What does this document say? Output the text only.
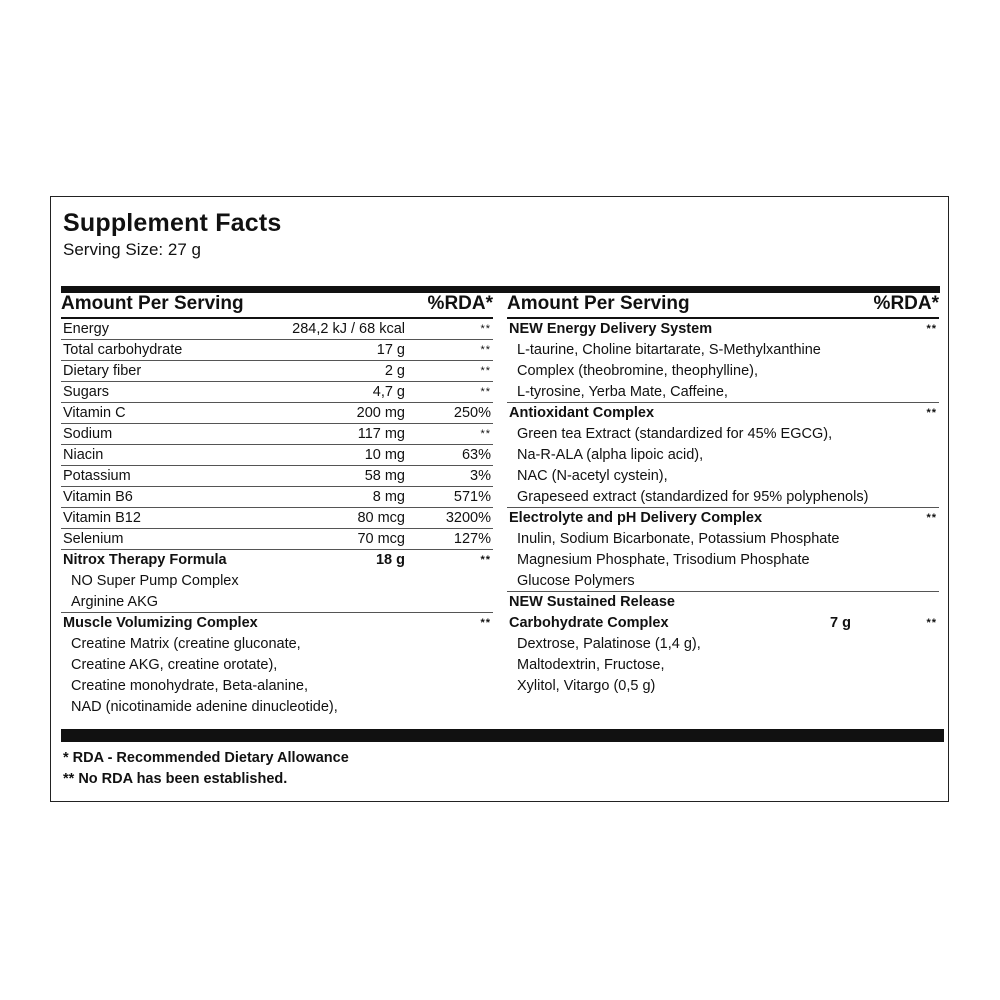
Supplement Facts
Serving Size: 27 g
Amount Per Serving	%RDA*
Energy	284,2 kJ / 68 kcal	**
Total carbohydrate	17 g	**
Dietary fiber	2 g	**
Sugars	4,7 g	**
Vitamin C	200 mg	250%
Sodium	117 mg	**
Niacin	10 mg	63%
Potassium	58 mg	3%
Vitamin B6	8 mg	571%
Vitamin B12	80 mcg	3200%
Selenium	70 mcg	127%
Nitrox Therapy Formula	18 g	**
NO Super Pump Complex
Arginine AKG
Muscle Volumizing Complex	**
Creatine Matrix (creatine gluconate,
Creatine AKG, creatine orotate),
Creatine monohydrate, Beta-alanine,
NAD (nicotinamide adenine dinucleotide),
Amount Per Serving	%RDA*
NEW Energy Delivery System	**
L-taurine, Choline bitartarate, S-Methylxanthine
Complex (theobromine, theophylline),
L-tyrosine, Yerba Mate, Caffeine,
Antioxidant Complex	**
Green tea Extract (standardized for 45% EGCG),
Na-R-ALA (alpha lipoic acid),
NAC (N-acetyl cystein),
Grapeseed extract (standardized for 95% polyphenols)
Electrolyte and pH Delivery Complex	**
Inulin, Sodium Bicarbonate, Potassium Phosphate
Magnesium Phosphate, Trisodium Phosphate
Glucose Polymers
NEW Sustained Release
Carbohydrate Complex	7 g	**
Dextrose, Palatinose (1,4 g),
Maltodextrin, Fructose,
Xylitol, Vitargo (0,5 g)
* RDA - Recommended Dietary Allowance
** No RDA has been established.
